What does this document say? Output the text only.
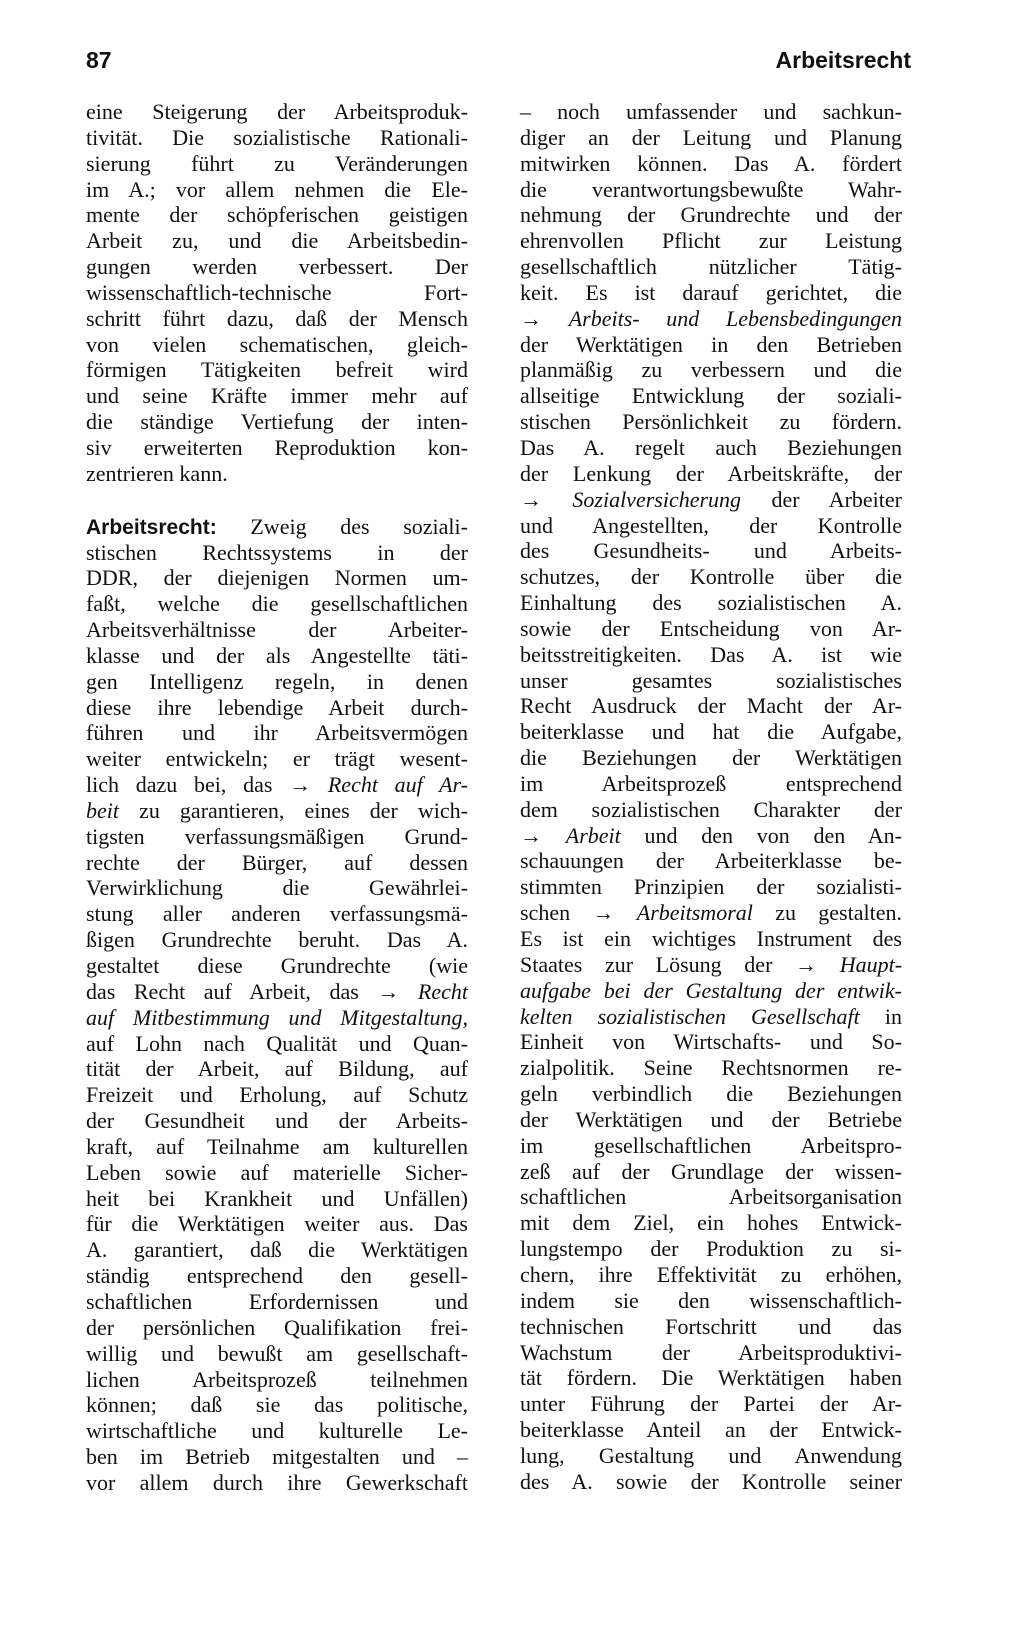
87	Arbeitsrecht
eine Steigerung der Arbeitsproduk-
tivität. Die sozialistische Rationali-
sierung führt zu Veränderungen
im A.; vor allem nehmen die Ele-
mente der schöpferischen geistigen
Arbeit zu, und die Arbeitsbedin-
gungen werden verbessert. Der
wissenschaftlich-technische Fort-
schritt führt dazu, daß der Mensch
von vielen schematischen, gleich-
förmigen Tätigkeiten befreit wird
und seine Kräfte immer mehr auf
die ständige Vertiefung der inten-
siv erweiterten Reproduktion kon-
zentrieren kann.
Arbeitsrecht: Zweig des soziali-
stischen Rechtssystems in der
DDR, der diejenigen Normen um-
faßt, welche die gesellschaftlichen
Arbeitsverhältnisse der Arbeiter-
klasse und der als Angestellte täti-
gen Intelligenz regeln, in denen
diese ihre lebendige Arbeit durch-
führen und ihr Arbeitsvermögen
weiter entwickeln; er trägt wesent-
lich dazu bei, das → Recht auf Ar-
beit zu garantieren, eines der wich-
tigsten verfassungsmäßigen Grund-
rechte der Bürger, auf dessen
Verwirklichung die Gewährlei-
stung aller anderen verfassungsmä-
ßigen Grundrechte beruht. Das A.
gestaltet diese Grundrechte (wie
das Recht auf Arbeit, das → Recht
auf Mitbestimmung und Mitgestaltung,
auf Lohn nach Qualität und Quan-
tität der Arbeit, auf Bildung, auf
Freizeit und Erholung, auf Schutz
der Gesundheit und der Arbeits-
kraft, auf Teilnahme am kulturellen
Leben sowie auf materielle Sicher-
heit bei Krankheit und Unfällen)
für die Werktätigen weiter aus. Das
A. garantiert, daß die Werktätigen
ständig entsprechend den gesell-
schaftlichen Erfordernissen und
der persönlichen Qualifikation frei-
willig und bewußt am gesellschaft-
lichen Arbeitsprozeß teilnehmen
können; daß sie das politische,
wirtschaftliche und kulturelle Le-
ben im Betrieb mitgestalten und –
vor allem durch ihre Gewerkschaft
– noch umfassender und sachkun-
diger an der Leitung und Planung
mitwirken können. Das A. fördert
die verantwortungsbewußte Wahr-
nehmung der Grundrechte und der
ehrenvollen Pflicht zur Leistung
gesellschaftlich nützlicher Tätig-
keit. Es ist darauf gerichtet, die
→ Arbeits- und Lebensbedingungen
der Werktätigen in den Betrieben
planmäßig zu verbessern und die
allseitige Entwicklung der soziali-
stischen Persönlichkeit zu fördern.
Das A. regelt auch Beziehungen
der Lenkung der Arbeitskräfte, der
→ Sozialversicherung der Arbeiter
und Angestellten, der Kontrolle
des Gesundheits- und Arbeits-
schutzes, der Kontrolle über die
Einhaltung des sozialistischen A.
sowie der Entscheidung von Ar-
beitsstreitigkeiten. Das A. ist wie
unser gesamtes sozialistisches
Recht Ausdruck der Macht der Ar-
beiterklasse und hat die Aufgabe,
die Beziehungen der Werktätigen
im Arbeitsprozeß entsprechend
dem sozialistischen Charakter der
→ Arbeit und den von den An-
schauungen der Arbeiterklasse be-
stimmten Prinzipien der sozialisti-
schen → Arbeitsmoral zu gestalten.
Es ist ein wichtiges Instrument des
Staates zur Lösung der → Haupt-
aufgabe bei der Gestaltung der entwik-
kelten sozialistischen Gesellschaft in
Einheit von Wirtschafts- und So-
zialpolitik. Seine Rechtsnormen re-
geln verbindlich die Beziehungen
der Werktätigen und der Betriebe
im gesellschaftlichen Arbeitspro-
zeß auf der Grundlage der wissen-
schaftlichen Arbeitsorganisation
mit dem Ziel, ein hohes Entwick-
lungstempo der Produktion zu si-
chern, ihre Effektivität zu erhöhen,
indem sie den wissenschaftlich-
technischen Fortschritt und das
Wachstum der Arbeitsproduktivi-
tät fördern. Die Werktätigen haben
unter Führung der Partei der Ar-
beiterklasse Anteil an der Entwick-
lung, Gestaltung und Anwendung
des A. sowie der Kontrolle seiner
